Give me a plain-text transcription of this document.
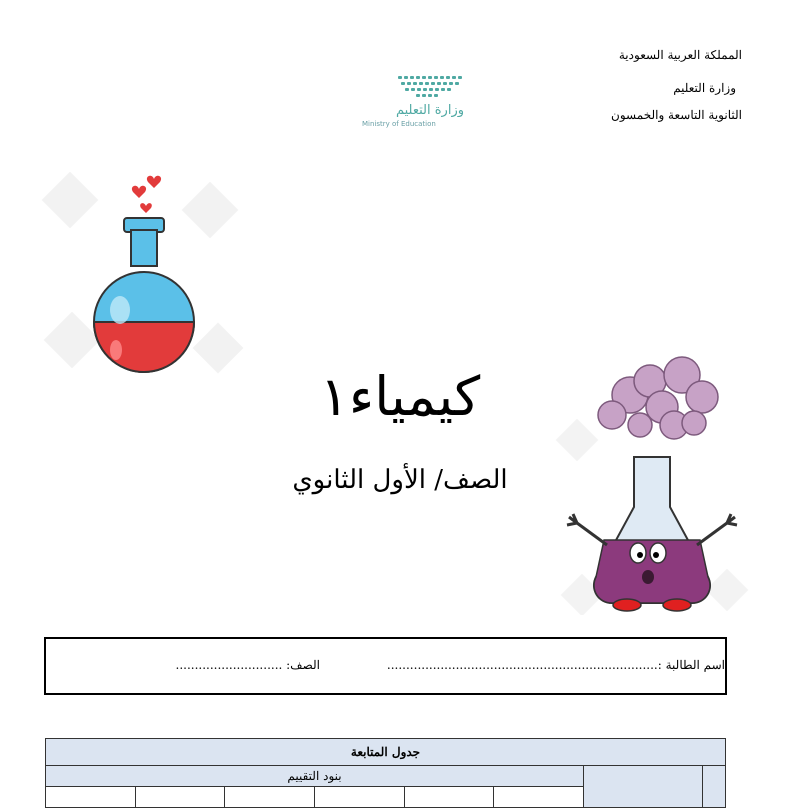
المملكة العربية السعودية
وزارة التعليم
الثانوية التاسعة والخمسون
وزارة التعليم
Ministry of Education
كيمياء١
الصف/ الأول الثانوي
اسم الطالبة :.......................................................................
الصف: ............................
جدول المتابعة							
بنود التقييم							
